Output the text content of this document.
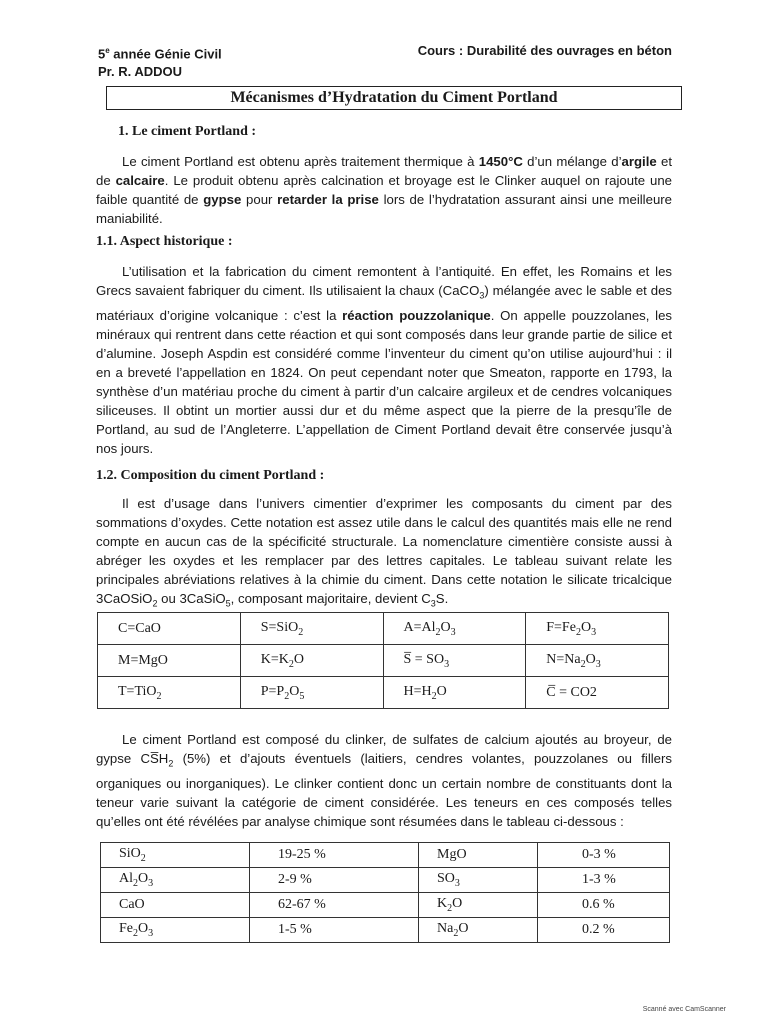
5e année Génie Civil
Pr. R. ADDOU
Cours : Durabilité des ouvrages en béton
Mécanismes d’Hydratation du Ciment Portland
1. Le ciment Portland :

Le ciment Portland est obtenu après traitement thermique à 1450°C d’un mélange d’argile et de calcaire. Le produit obtenu après calcination et broyage est le Clinker auquel on rajoute une faible quantité de gypse pour retarder la prise lors de l’hydratation assurant ainsi une meilleure maniabilité.

1.1. Aspect historique :

L’utilisation et la fabrication du ciment remontent à l’antiquité. En effet, les Romains et les Grecs savaient fabriquer du ciment. Ils utilisaient la chaux (CaCO$_3$) mélangée avec le sable et des matériaux d’origine volcanique : c’est la réaction pouzzolanique. On appelle pouzzolanes, les minéraux qui rentrent dans cette réaction et qui sont composés dans leur grande partie de silice et d’alumine. Joseph Aspdin est considéré comme l’inventeur du ciment qu’on utilise aujourd’hui : il en a breveté l’appellation en 1824. On peut cependant noter que Smeaton, rapporte en 1793, la synthèse d’un matériau proche du ciment à partir d’un calcaire argileux et de cendres volcaniques siliceuses. Il obtint un mortier aussi dur et du même aspect que la pierre de la presqu’île de Portland, au sud de l’Angleterre. L’appellation de Ciment Portland devait être conservée jusqu’à nos jours.

1.2. Composition du ciment Portland :

Il est d’usage dans l’univers cimentier d’exprimer les composants du ciment par des sommations d’oxydes. Cette notation est assez utile dans le calcul des quantités mais elle ne rend compte en aucun cas de la spécificité structurale. La nomenclature cimentière consiste aussi à abréger les oxydes et les remplacer par des lettres capitales. Le tableau suivant relate les principales abréviations relatives à la chimie du ciment. Dans cette notation le silicate tricalcique 3CaOSiO$_2$ ou 3CaSiO$_5$, composant majoritaire, devient $C_3S$.

C=CaO	S=SiO$_2$	$A=Al_2O_3$	$F=Fe_2O_3$
M=MgO	$K=K_2O$	S̅ = $SO_3$	$N=Na_2O_3$
T=TiO$_2$	$P=P_2O_5$	$H=H_2O$	C̅ = CO2

Le ciment Portland est composé du clinker, de sulfates de calcium ajoutés au broyeur, de gypse $CS̅H_2$ (5%) et d’ajouts éventuels (laitiers, cendres volantes, pouzzolanes ou fillers organiques ou inorganiques). Le clinker contient donc un certain nombre de constituants dont la teneur varie suivant la catégorie de ciment considérée. Les teneurs en ces composés telles qu’elles ont été révélées par analyse chimique sont résumées dans le tableau ci-dessous :

SiO$_2$	19-25 %	MgO	0-3 %
$Al_2O_3$	2-9 %	$SO_3$	1-3 %
CaO	62-67 %	$K_2O$	0.6 %
$Fe_2O_3$	1-5 %	$Na_2O$	0.2 %
Scanné avec CamScanner
